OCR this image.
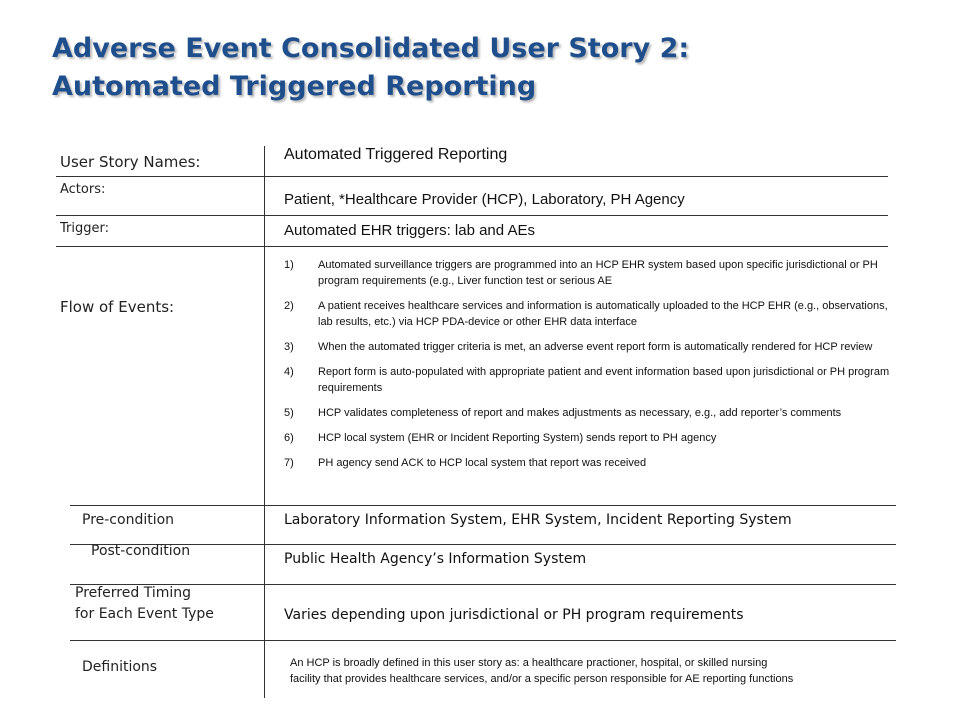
Adverse Event Consolidated User Story 2:
Automated Triggered Reporting
User Story Names:	Automated Triggered Reporting
Actors:
Patient, *Healthcare Provider (HCP), Laboratory, PH Agency
Trigger:	Automated EHR triggers: lab and AEs
Flow of Events:
1)	Automated surveillance triggers are programmed into an HCP EHR system based upon specific jurisdictional or PH program requirements (e.g., Liver function test or serious AE
2)	A patient receives healthcare services and information is automatically uploaded to the HCP EHR (e.g., observations, lab results, etc.) via HCP PDA-device or other EHR data interface
3)	When the automated trigger criteria is met, an adverse event report form is automatically rendered for HCP review
4)	Report form is auto-populated with appropriate patient and event information based upon jurisdictional or PH program requirements
5)	HCP validates completeness of report and makes adjustments as necessary, e.g., add reporter’s comments
6)	HCP local system (EHR or Incident Reporting System) sends report to PH agency
7)	PH agency send ACK to HCP local system that report was received
Pre-condition	Laboratory Information System, EHR System, Incident Reporting System
Post-condition	Public Health Agency’s Information System
Preferred Timing
for Each Event Type	Varies depending upon jurisdictional or PH program requirements
Definitions	An HCP is broadly defined in this user story as: a healthcare practioner, hospital, or skilled nursing
facility that provides healthcare services, and/or a specific person responsible for AE reporting functions
